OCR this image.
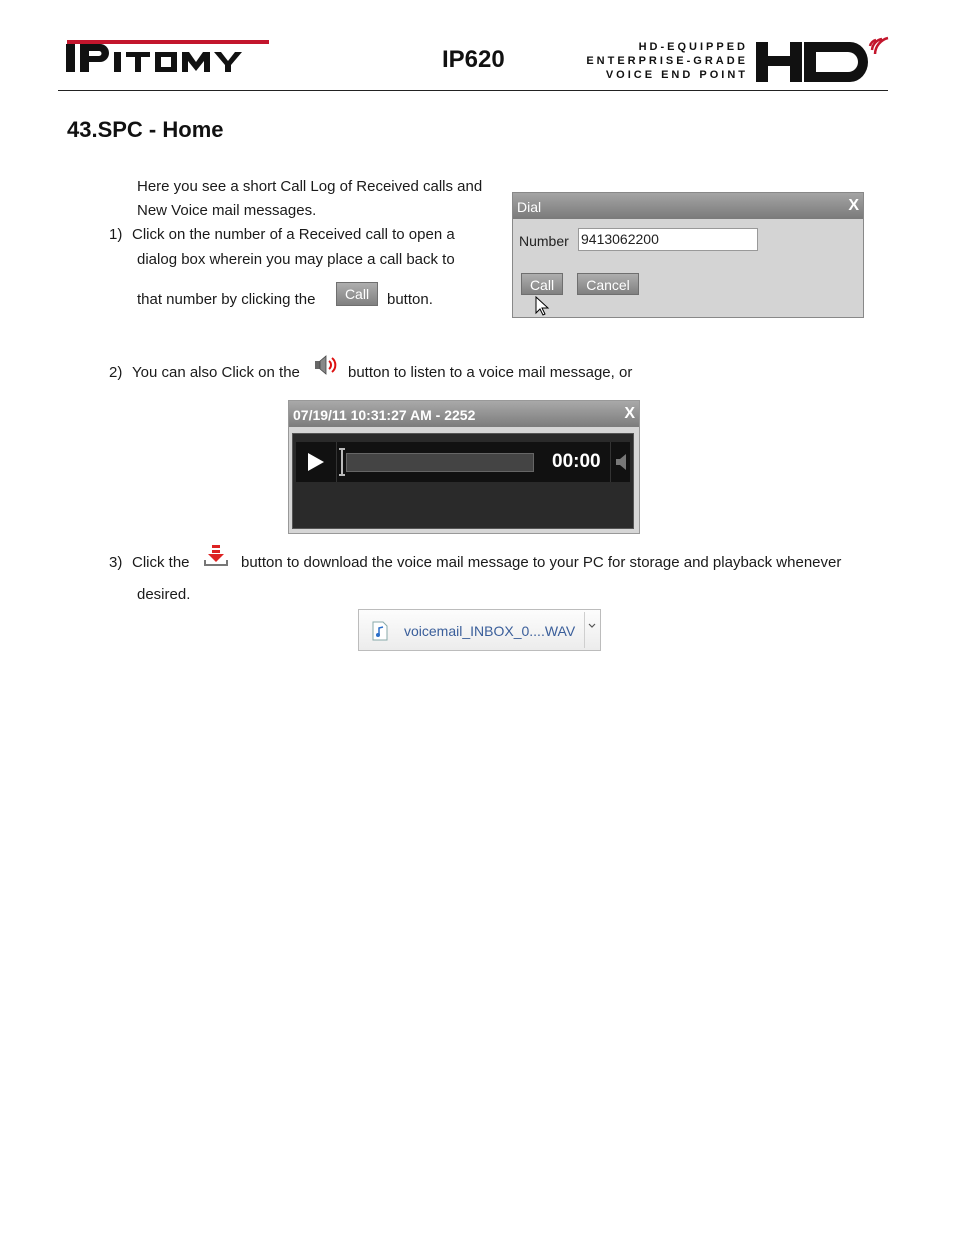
IP620	HD-EQUIPPED
ENTERPRISE-GRADE
VOICE END POINT
43.SPC - Home
Here you see a short Call Log of Received calls and
New Voice mail messages.
1) Click on the number of a Received call to open a
dialog box wherein you may place a call back to
that number by clicking the	Call	button.
Dial	X
Number 9413062200
Call	Cancel
2) You can also Click on the	button to listen to a voice mail message, or
07/19/11 10:31:27 AM - 2252	X
00:00
3) Click the	button to download the voice mail message to your PC for storage and playback whenever
desired.
voicemail_INBOX_0....WAV
